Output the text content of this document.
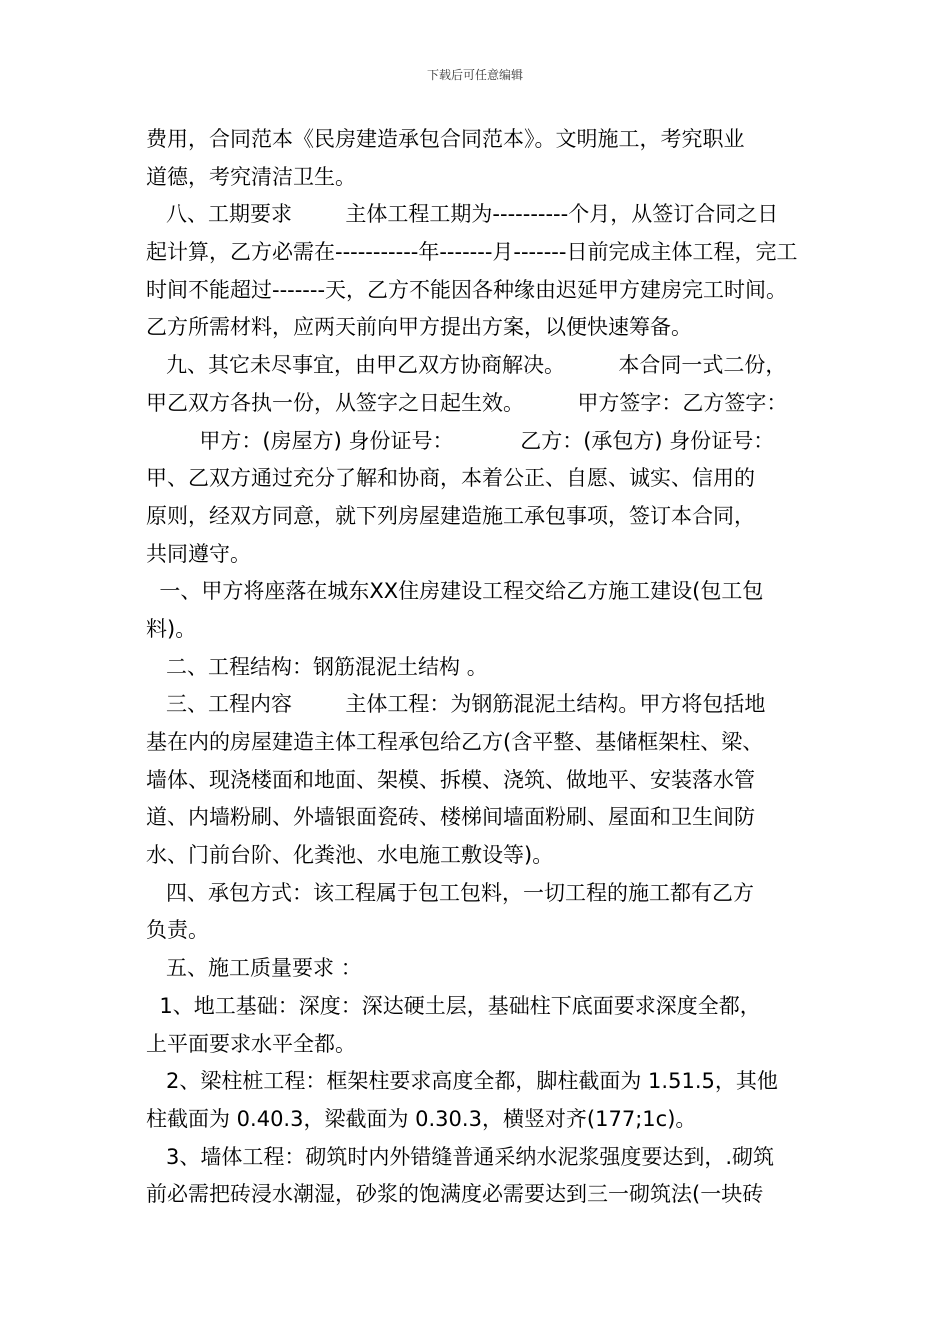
下载后可任意编辑
费用，合同范本《民房建造承包合同范本》。文明施工，考究职业
道德，考究清洁卫生。
八、工期要求        主体工程工期为----------个月，从签订合同之日
起计算，乙方必需在-----------年-------月-------日前完成主体工程，完工
时间不能超过-------天，乙方不能因各种缘由迟延甲方建房完工时间。
乙方所需材料，应两天前向甲方提出方案，以便快速筹备。
九、其它未尽事宜，由甲乙双方协商解决。        本合同一式二份，
甲乙双方各执一份，从签字之日起生效。        甲方签字：乙方签字：
甲方：(房屋方) 身份证号：          乙方：(承包方) 身份证号：
甲、乙双方通过充分了解和协商，本着公正、自愿、诚实、信用的
原则，经双方同意，就下列房屋建造施工承包事项，签订本合同，
共同遵守。
一、甲方将座落在城东XX住房建设工程交给乙方施工建设(包工包
料)。
二、工程结构：钢筋混泥土结构 。
三、工程内容        主体工程：为钢筋混泥土结构。甲方将包括地
基在内的房屋建造主体工程承包给乙方(含平整、基储框架柱、梁、
墙体、现浇楼面和地面、架模、拆模、浇筑、做地平、安装落水管
道、内墙粉刷、外墙银面瓷砖、楼梯间墙面粉刷、屋面和卫生间防
水、门前台阶、化粪池、水电施工敷设等)。
四、承包方式：该工程属于包工包料，一切工程的施工都有乙方
负责。
五、施工质量要求 ：
1、地工基础：深度：深达硬土层，基础柱下底面要求深度全都，
上平面要求水平全都。
2、梁柱桩工程：框架柱要求高度全都，脚柱截面为 1.51.5，其他
柱截面为 0.40.3，梁截面为 0.30.3，横竖对齐(177;1c)。
3、墙体工程：砌筑时内外错缝普通采纳水泥浆强度要达到，.砌筑
前必需把砖浸水潮湿，砂浆的饱满度必需要达到三一砌筑法(一块砖
